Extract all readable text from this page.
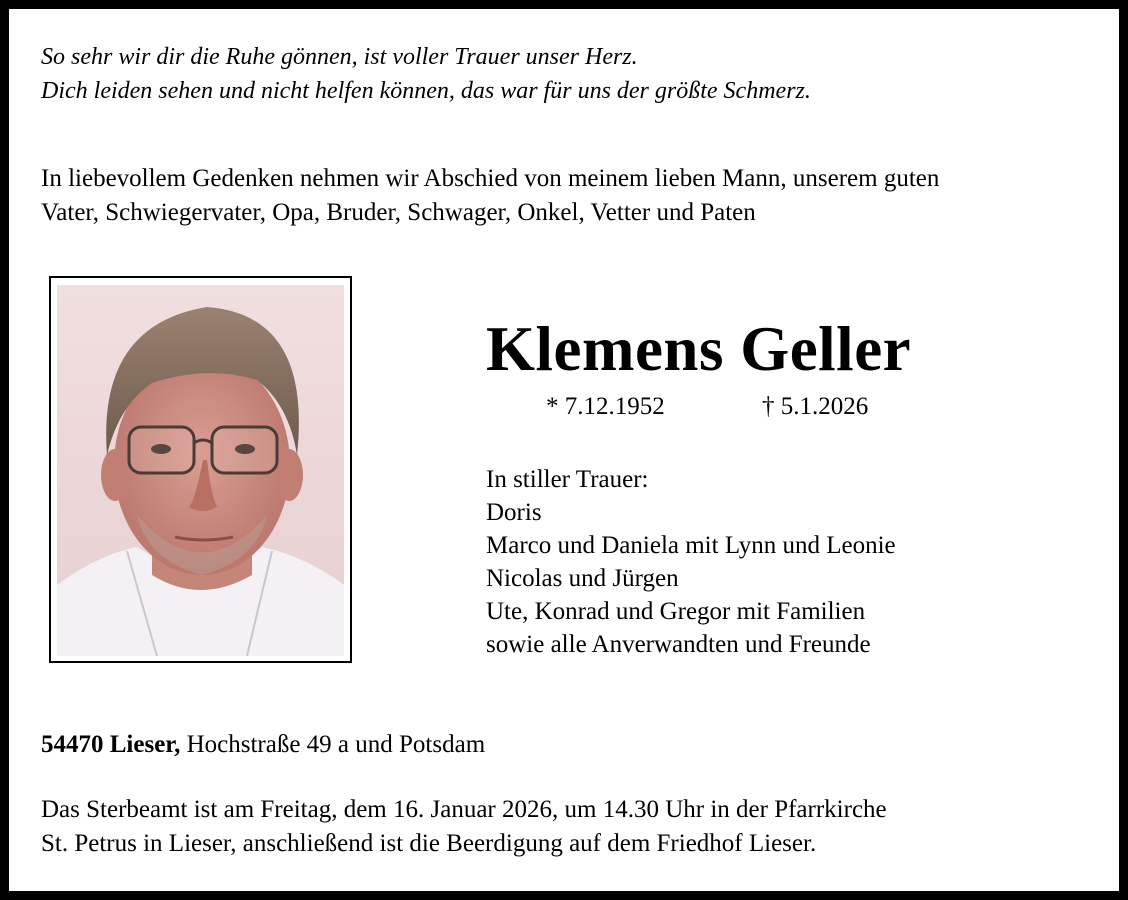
So sehr wir dir die Ruhe gönnen, ist voller Trauer unser Herz.
Dich leiden sehen und nicht helfen können, das war für uns der größte Schmerz.
In liebevollem Gedenken nehmen wir Abschied von meinem lieben Mann, unserem guten
Vater, Schwiegervater, Opa, Bruder, Schwager, Onkel, Vetter und Paten
Klemens Geller
* 7.12.1952	† 5.1.2026
In stiller Trauer:
Doris
Marco und Daniela mit Lynn und Leonie
Nicolas und Jürgen
Ute, Konrad und Gregor mit Familien
sowie alle Anverwandten und Freunde
54470 Lieser, Hochstraße 49 a und Potsdam
Das Sterbeamt ist am Freitag, dem 16. Januar 2026, um 14.30 Uhr in der Pfarrkirche
St. Petrus in Lieser, anschließend ist die Beerdigung auf dem Friedhof Lieser.
